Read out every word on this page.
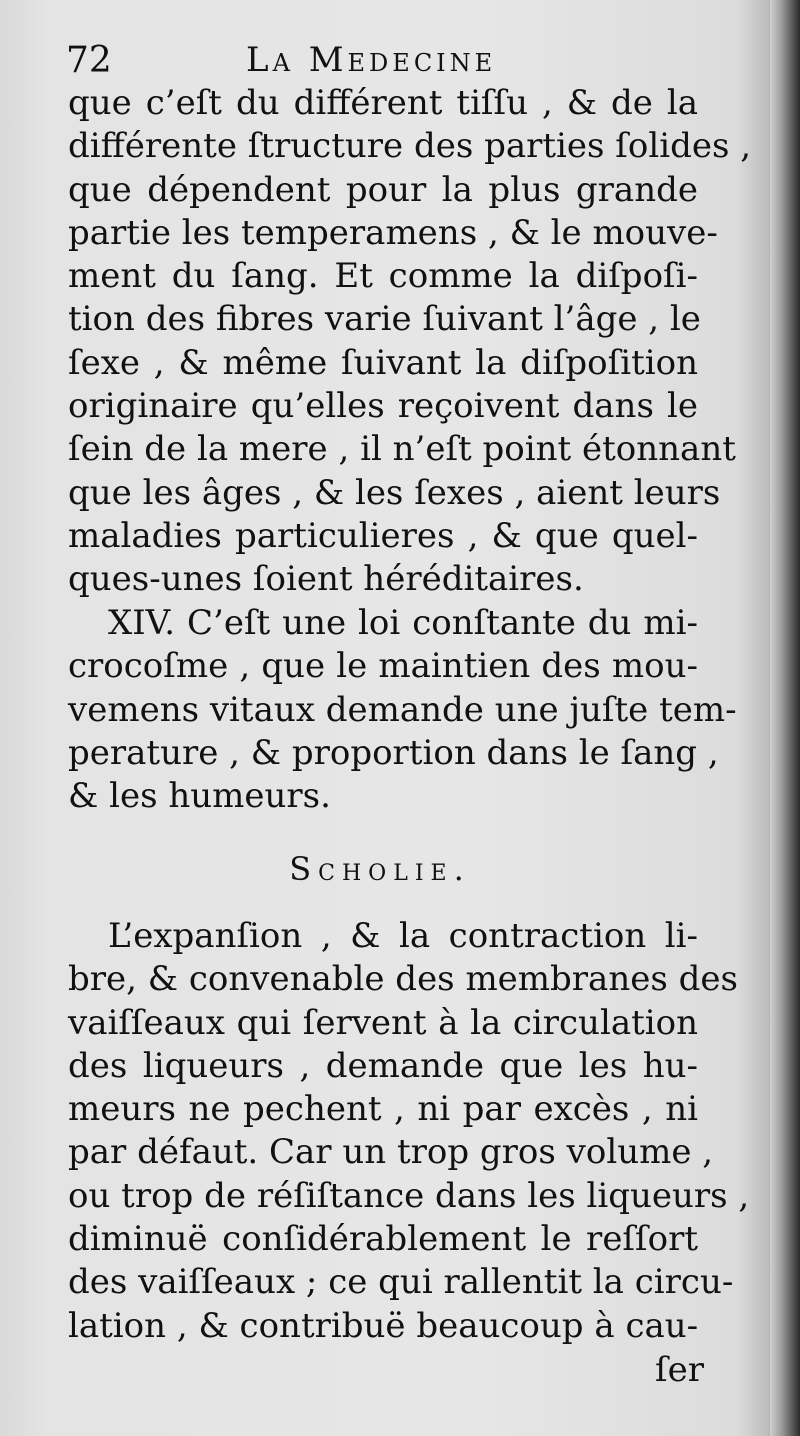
72	La Medecine
que c’eſt du différent tiſſu , & de la
différente ſtructure des parties ſolides ,
que dépendent pour la plus grande
partie les temperamens , & le mouve-
ment du ſang. Et comme la diſpoſi-
tion des fibres varie ſuivant l’âge , le
ſexe , & même ſuivant la diſpoſition
originaire qu’elles reçoivent dans le
ſein de la mere , il n’eſt point étonnant
que les âges , & les ſexes , aient leurs
maladies particulieres , & que quel-
ques-unes ſoient héréditaires.
XIV. C’eſt une loi conſtante du mi-
crocoſme , que le maintien des mou-
vemens vitaux demande une juſte tem-
perature , & proportion dans le ſang ,
& les humeurs.
Scholie.
L’expanſion , & la contraction li-
bre, & convenable des membranes des
vaiſſeaux qui ſervent à la circulation
des liqueurs , demande que les hu-
meurs ne pechent , ni par excès , ni
par défaut. Car un trop gros volume ,
ou trop de réſiſtance dans les liqueurs ,
diminuë conſidérablement le reſſort
des vaiſſeaux ; ce qui rallentit la circu-
lation , & contribuë beaucoup à cau-
ſer
